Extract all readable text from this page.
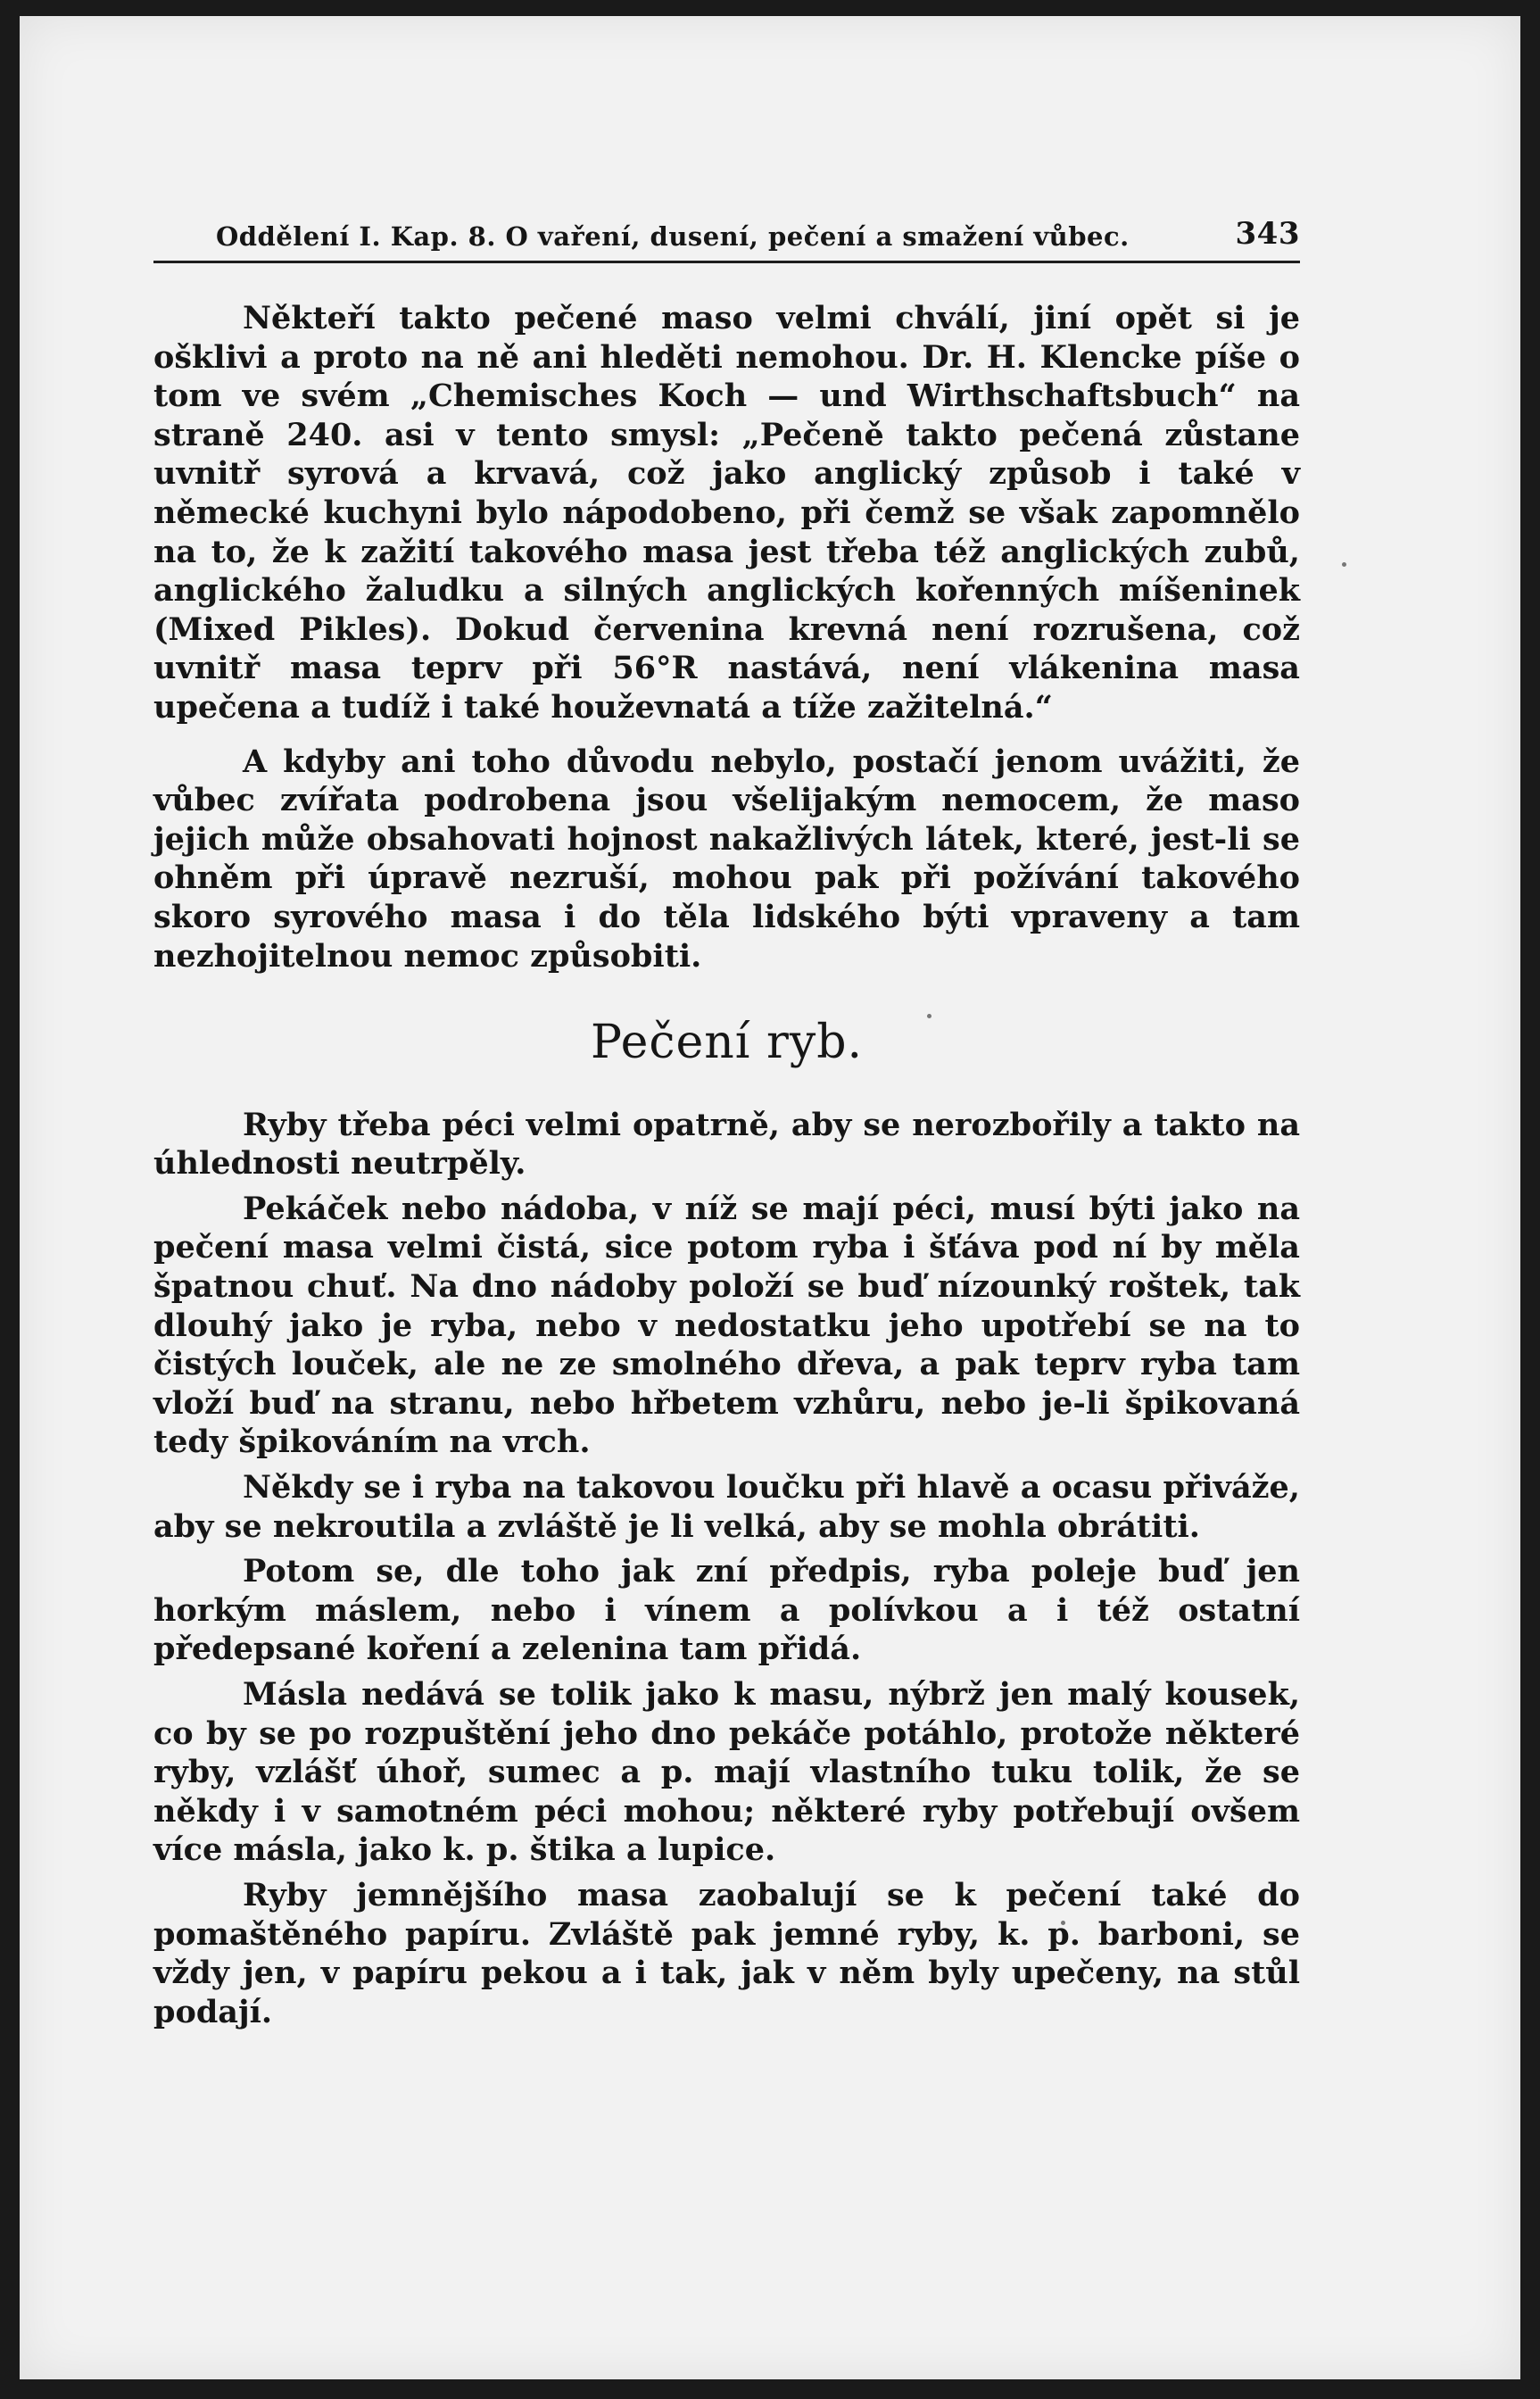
Oddělení I. Kap. 8. O vaření, dusení, pečení a smažení vůbec.	343

Někteří takto pečené maso velmi chválí, jiní opět si je ošklivi a proto na ně ani hleděti nemohou. Dr. H. Klencke píše o tom ve svém „Chemisches Koch — und Wirthschaftsbuch“ na straně 240. asi v tento smysl: „Pečeně takto pečená zůstane uvnitř syrová a krvavá, což jako anglický způsob i také v německé kuchyni bylo nápodobeno, při čemž se však zapomnělo na to, že k zažití takového masa jest třeba též anglických zubů, anglického žaludku a silných anglických kořenných míšeninek (Mixed Pikles). Dokud červenina krevná není rozrušena, což uvnitř masa teprv při 56°R nastává, není vlákenina masa upečena a tudíž i také houževnatá a tíže zažitelná.“

A kdyby ani toho důvodu nebylo, postačí jenom uvážiti, že vůbec zvířata podrobena jsou všelijakým nemocem, že maso jejich může obsahovati hojnost nakažlivých látek, které, jest-li se ohněm při úpravě nezruší, mohou pak při požívání takového skoro syrového masa i do těla lidského býti vpraveny a tam nezhojitelnou nemoc způsobiti.

Pečení ryb.

Ryby třeba péci velmi opatrně, aby se nerozbořily a takto na úhlednosti neutrpěly.

Pekáček nebo nádoba, v níž se mají péci, musí býti jako na pečení masa velmi čistá, sice potom ryba i šťáva pod ní by měla špatnou chuť. Na dno nádoby položí se buď nízounký roštek, tak dlouhý jako je ryba, nebo v nedostatku jeho upotřebí se na to čistých louček, ale ne ze smolného dřeva, a pak teprv ryba tam vloží buď na stranu, nebo hřbetem vzhůru, nebo je-li špikovaná tedy špikováním na vrch.

Někdy se i ryba na takovou loučku při hlavě a ocasu přiváže, aby se nekroutila a zvláště je li velká, aby se mohla obrátiti.

Potom se, dle toho jak zní předpis, ryba poleje buď jen horkým máslem, nebo i vínem a polívkou a i též ostatní předepsané koření a zelenina tam přidá.

Másla nedává se tolik jako k masu, nýbrž jen malý kousek, co by se po rozpuštění jeho dno pekáče potáhlo, protože některé ryby, vzlášť úhoř, sumec a p. mají vlastního tuku tolik, že se někdy i v samotném péci mohou; některé ryby potřebují ovšem více másla, jako k. p. štika a lupice.

Ryby jemnějšího masa zaobalují se k pečení také do pomaštěného papíru. Zvláště pak jemné ryby, k. p. barboni, se vždy jen, v papíru pekou a i tak, jak v něm byly upečeny, na stůl podají.
